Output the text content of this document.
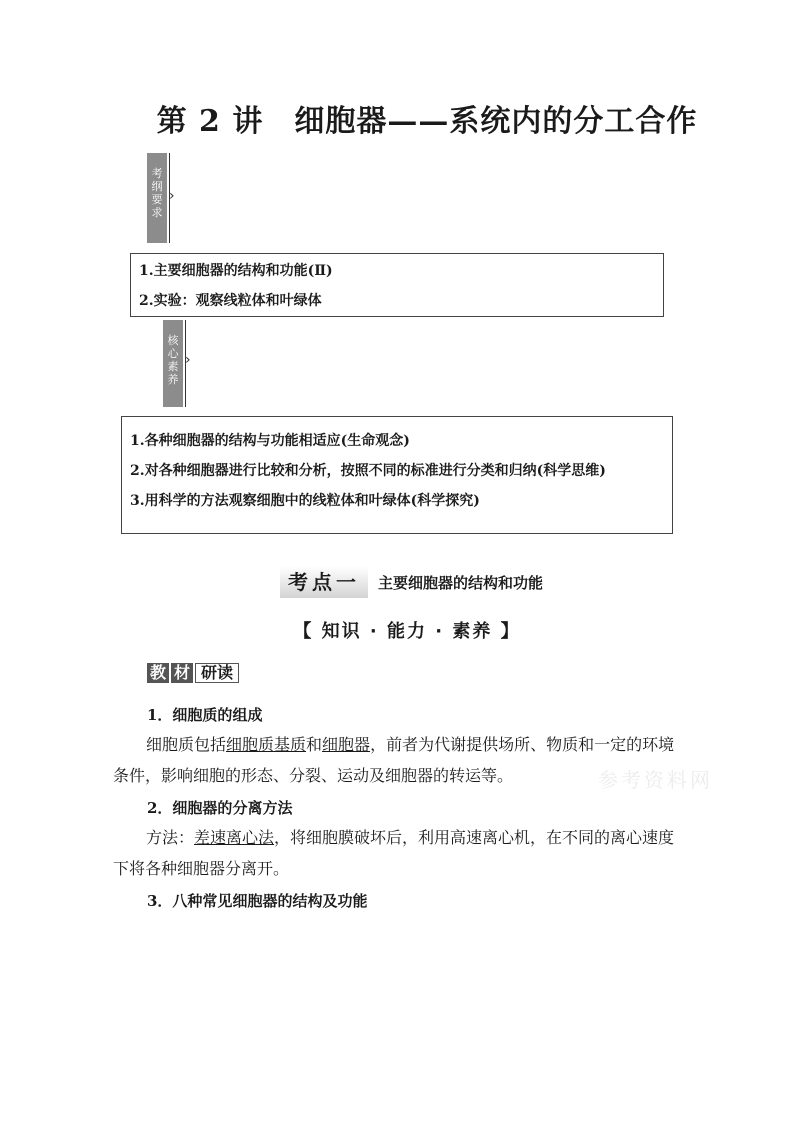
第 2 讲　细胞器——系统内的分工合作
考纲要求
›

1.主要细胞器的结构和功能(Ⅱ)

2.实验：观察线粒体和叶绿体

核心素养
›

1.各种细胞器的结构与功能相适应(生命观念)

2.对各种细胞器进行比较和分析，按照不同的标准进行分类和归纳(科学思维)

3.用科学的方法观察细胞中的线粒体和叶绿体(科学探究)

考点一	主要细胞器的结构和功能
【 知识 · 能力 · 素养 】
教 材 研读
1．细胞质的组成
细胞质包括细胞质基质和细胞器，前者为代谢提供场所、物质和一定的环境
条件，影响细胞的形态、分裂、运动及细胞器的转运等。	参考资料网
2．细胞器的分离方法
方法：差速离心法，将细胞膜破坏后，利用高速离心机，在不同的离心速度
下将各种细胞器分离开。
3．八种常见细胞器的结构及功能
